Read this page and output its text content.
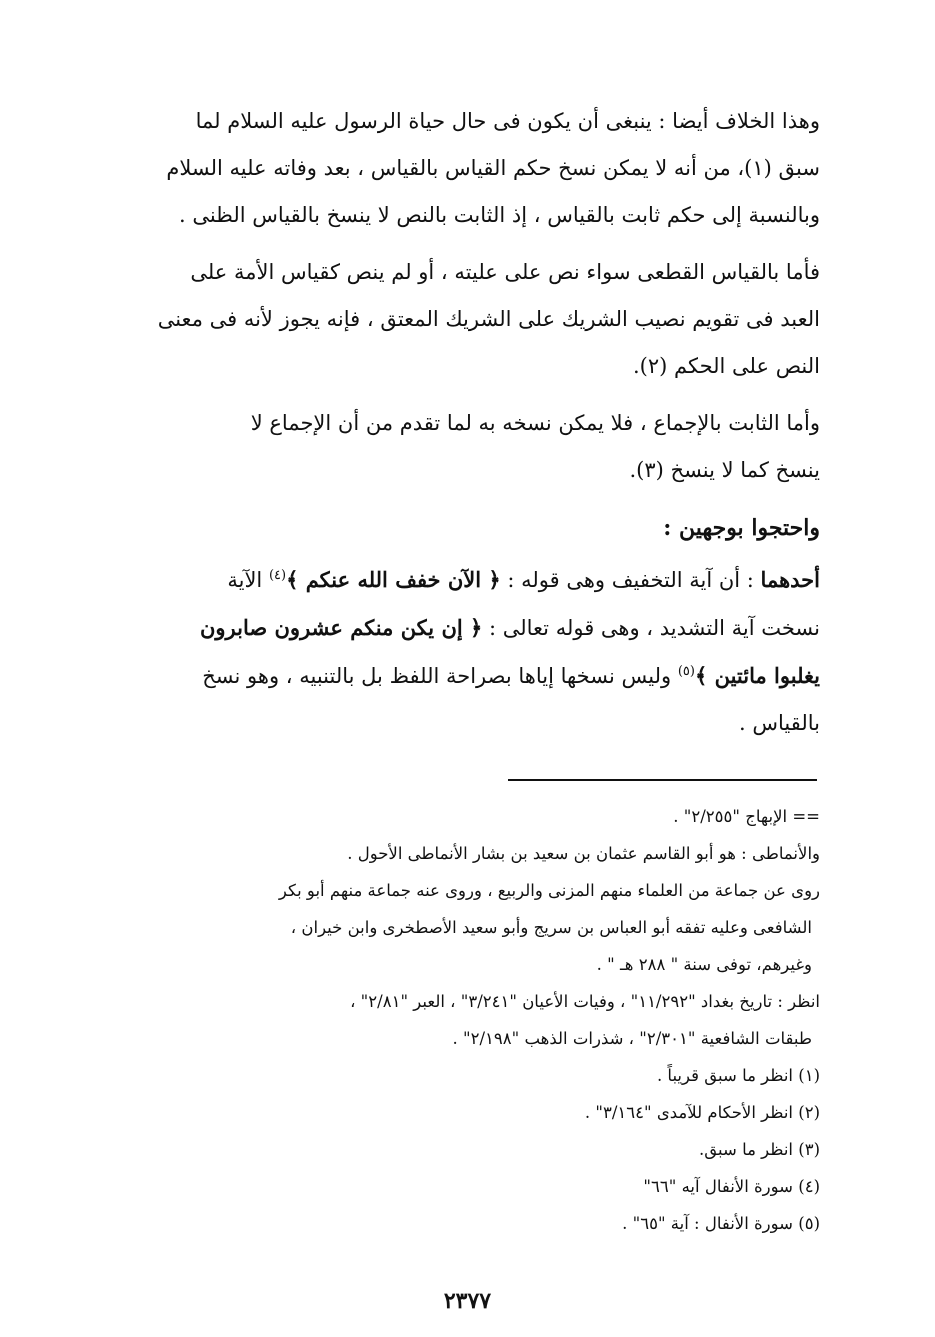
وهذا الخلاف أيضا : ينبغى أن يكون فى حال حياة الرسول عليه السلام لما

سبق (١)، من أنه لا يمكن نسخ حكم القياس بالقياس ، بعد وفاته عليه السلام

وبالنسبة إلى حكم ثابت بالقياس ، إذ الثابت بالنص لا ينسخ بالقياس الظنى .

فأما بالقياس القطعى سواء نص على عليته ، أو لم ينص كقياس الأمة على

العبد فى تقويم نصيب الشريك على الشريك المعتق ، فإنه يجوز لأنه فى معنى

النص على الحكم (٢).

وأما الثابت بالإجماع ، فلا يمكن نسخه به لما تقدم من أن الإجماع لا

ينسخ كما لا ينسخ (٣).

واحتجوا بوجهين :

أحدهما : أن آية التخفيف وهى قوله : ﴿ الآن خفف الله عنكم ﴾$^{(٤)}$ الآية

نسخت آية التشديد ، وهى قوله تعالى : ﴿ إن يكن منكم عشرون صابرون

يغلبوا مائتين ﴾$^{(٥)}$ وليس نسخها إياها بصراحة اللفظ بل بالتنبيه ، وهو نسخ

بالقياس .

== الإبهاج "٢/٢٥٥" .

والأنماطى : هو أبو القاسم عثمان بن سعيد بن بشار الأنماطى الأحول .

روى عن جماعة من العلماء منهم المزنى والربيع ، وروى عنه جماعة منهم أبو بكر

الشافعى وعليه تفقه أبو العباس بن سريج وأبو سعيد الأصطخرى وابن خيران ،

وغيرهم، توفى سنة " ٢٨٨ هـ " .

انظر : تاريخ بغداد "١١/٢٩٢" ، وفيات الأعيان "٣/٢٤١" ، العبر "٢/٨١" ،

طبقات الشافعية "٢/٣٠١" ، شذرات الذهب "٢/١٩٨" .

(١) انظر ما سبق قريباً .

(٢) انظر الأحكام للآمدى "٣/١٦٤" .

(٣) انظر ما سبق.

(٤) سورة الأنفال آيه "٦٦"

(٥) سورة الأنفال : آية "٦٥" .

٢٣٧٧
